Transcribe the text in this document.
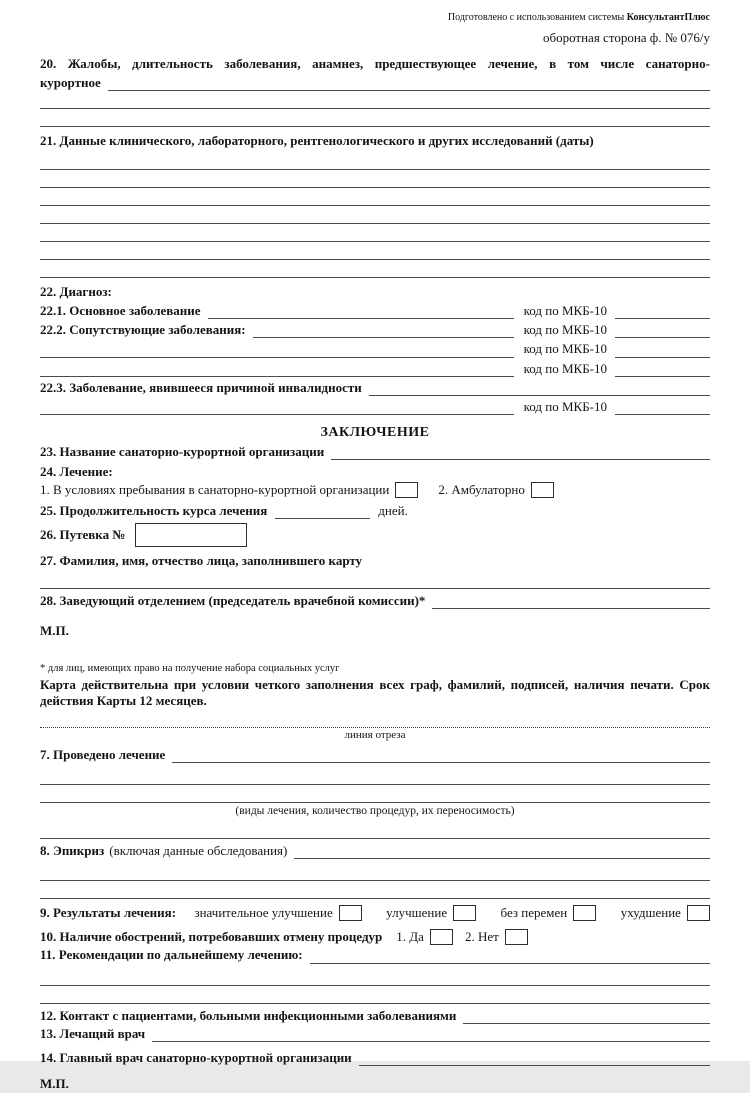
Подготовлено с использованием системы КонсультантПлюс
оборотная сторона ф. № 076/у
20. Жалобы, длительность заболевания, анамнез, предшествующее лечение, в том числе санаторно-
курортное
21. Данные клинического, лабораторного, рентгенологического и других исследований (даты)
22. Диагноз:
22.1. Основное заболевание	код по МКБ-10
22.2. Сопутствующие заболевания:	код по МКБ-10
код по МКБ-10
код по МКБ-10
22.3. Заболевание, явившееся причиной инвалидности
код по МКБ-10
ЗАКЛЮЧЕНИЕ
23. Название санаторно-курортной организации
24. Лечение:
1. В условиях пребывания в санаторно-курортной организации	2. Амбулаторно
25. Продолжительность курса лечения	дней.
26. Путевка №
27. Фамилия, имя, отчество лица, заполнившего карту
28. Заведующий отделением (председатель врачебной комиссии)*
М.П.
* для лиц, имеющих право на получение набора социальных услуг
Карта действительна при условии четкого заполнения всех граф, фамилий, подписей, наличия печати. Срок действия Карты 12 месяцев.
линия отреза
7. Проведено лечение
(виды лечения, количество процедур, их переносимость)
8. Эпикриз (включая данные обследования)
9. Результаты лечения: значительное улучшение	улучшение	без перемен	ухудшение
10. Наличие обострений, потребовавших отмену процедур 1. Да	2. Нет
11. Рекомендации по дальнейшему лечению:
12. Контакт с пациентами, больными инфекционными заболеваниями
13. Лечащий врач
14. Главный врач санаторно-курортной организации
М.П.
